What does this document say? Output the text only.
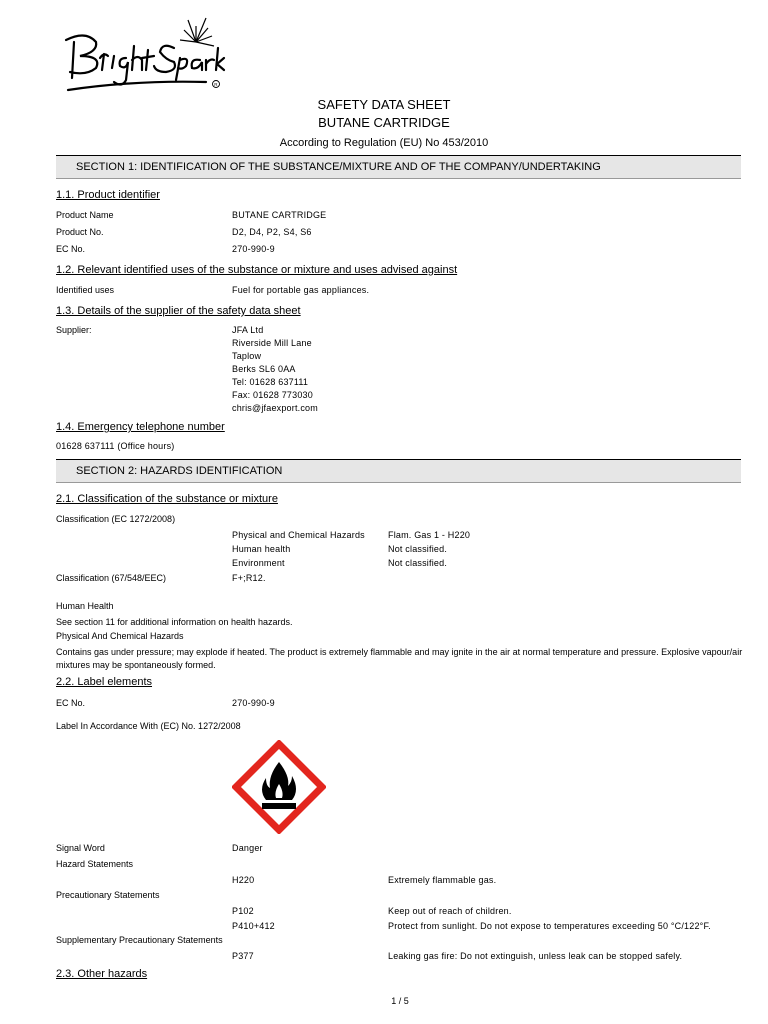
R
SAFETY DATA SHEET
BUTANE CARTRIDGE
According to Regulation (EU) No 453/2010
SECTION 1: IDENTIFICATION OF THE SUBSTANCE/MIXTURE AND OF THE COMPANY/UNDERTAKING
1.1. Product identifier
Product Name	BUTANE CARTRIDGE
Product No.	D2, D4, P2, S4, S6
EC No.	270-990-9
1.2. Relevant identified uses of the substance or mixture and uses advised against
Identified uses	Fuel for portable gas appliances.
1.3. Details of the supplier of the safety data sheet
Supplier:	JFA Ltd
Riverside Mill Lane
Taplow
Berks SL6 0AA
Tel: 01628 637111
Fax: 01628 773030
chris@jfaexport.com
1.4. Emergency telephone number
01628 637111 (Office hours)
SECTION 2: HAZARDS IDENTIFICATION
2.1. Classification of the substance or mixture
Classification (EC 1272/2008)
Physical and Chemical Hazards	Flam. Gas 1 - H220
Human health	Not classified.
Environment	Not classified.
Classification (67/548/EEC)	F+;R12.
Human Health
See section 11 for additional information on health hazards.
Physical And Chemical Hazards
Contains gas under pressure; may explode if heated. The product is extremely flammable and may ignite in the air at normal temperature and pressure. Explosive vapour/air mixtures may be spontaneously formed.
2.2. Label elements
EC No.	270-990-9
Label In Accordance With (EC) No. 1272/2008
Signal Word	Danger
Hazard Statements
H220	Extremely flammable gas.
Precautionary Statements
P102	Keep out of reach of children.
P410+412	Protect from sunlight. Do not expose to temperatures exceeding 50 °C/122°F.
Supplementary Precautionary Statements
P377	Leaking gas fire: Do not extinguish, unless leak can be stopped safely.
2.3. Other hazards
1 / 5
